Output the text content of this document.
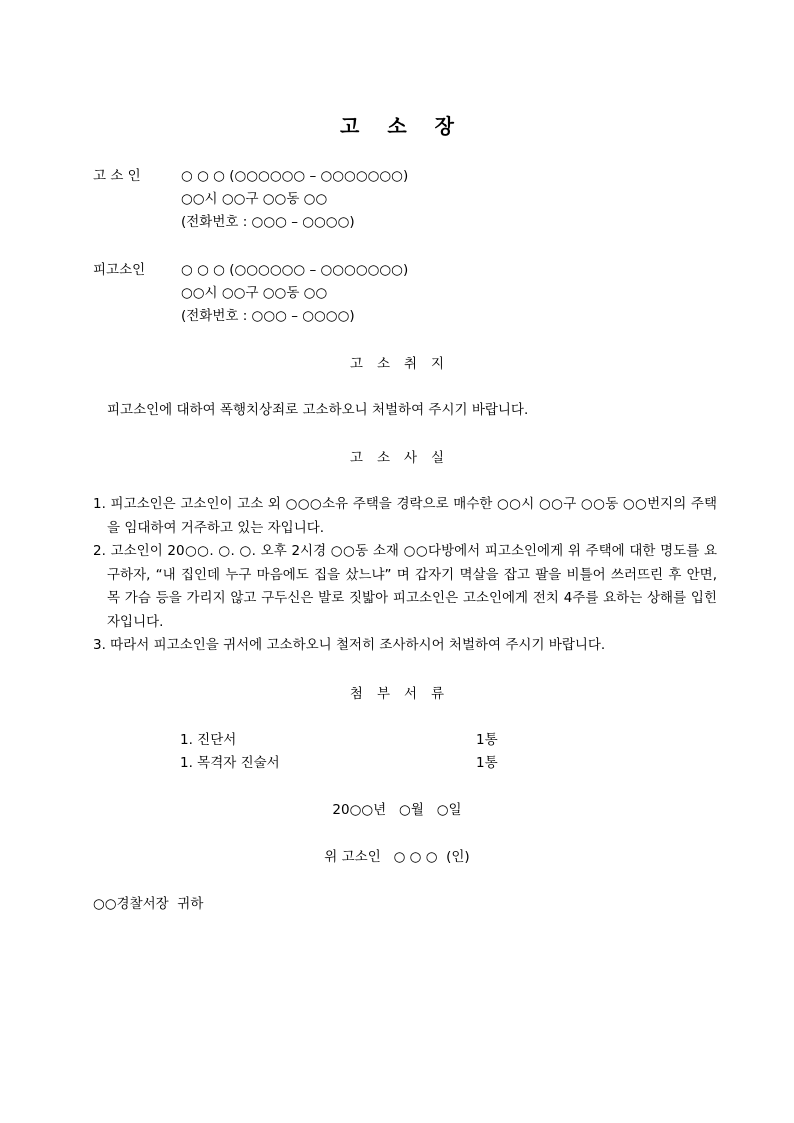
고 소 장
고 소 인	○ ○ ○ (○○○○○○ – ○○○○○○○)
○○시 ○○구 ○○동 ○○
(전화번호 : ○○○ – ○○○○)
피고소인	○ ○ ○ (○○○○○○ – ○○○○○○○)
○○시 ○○구 ○○동 ○○
(전화번호 : ○○○ – ○○○○)
고 소 취 지
피고소인에 대하여 폭행치상죄로 고소하오니 처벌하여 주시기 바랍니다.
고 소 사 실
1. 피고소인은 고소인이 고소 외 ○○○소유 주택을 경락으로 매수한 ○○시 ○○구 ○○동 ○○번지의 주택을 임대하여 거주하고 있는 자입니다.
2. 고소인이 20○○. ○. ○. 오후 2시경 ○○동 소재 ○○다방에서 피고소인에게 위 주택에 대한 명도를 요구하자, “내 집인데 누구 마음에도 집을 샀느냐” 며 갑자기 멱살을 잡고 팔을 비틀어 쓰러뜨린 후 안면, 목 가슴 등을 가리지 않고 구두신은 발로 짓밟아 피고소인은 고소인에게 전치 4주를 요하는 상해를 입힌 자입니다.
3. 따라서 피고소인을 귀서에 고소하오니 철저히 조사하시어 처벌하여 주시기 바랍니다.
첨 부 서 류
1. 진단서	1통
1. 목격자 진술서	1통
20○○년   ○월   ○일
위 고소인   ○ ○ ○  (인)
○○경찰서장  귀하
